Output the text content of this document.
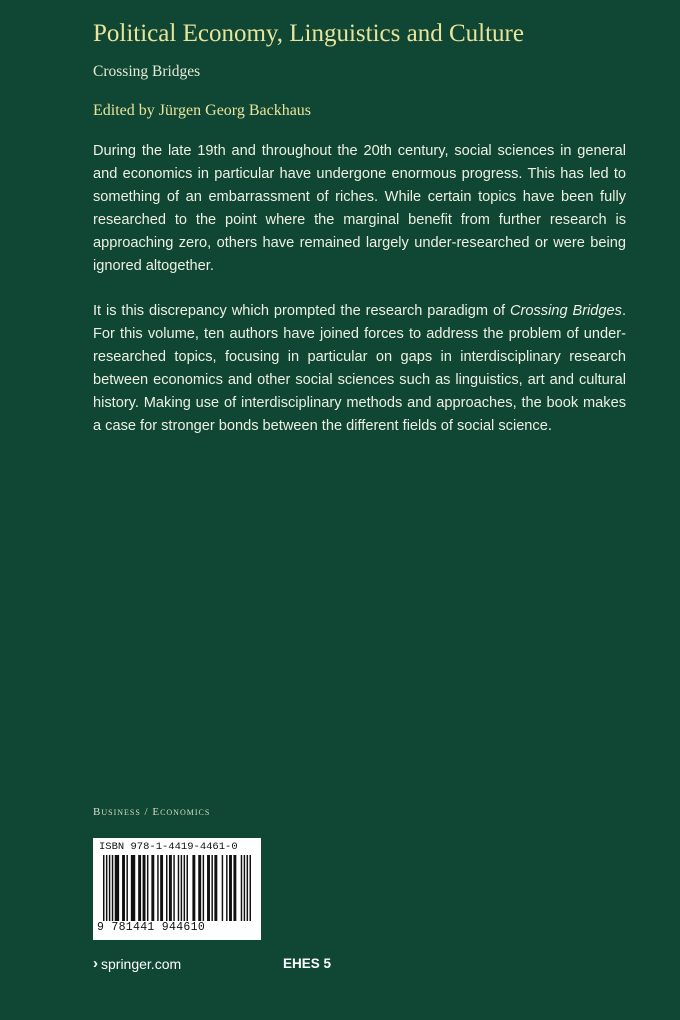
Political Economy, Linguistics and Culture

Crossing Bridges

Edited by Jürgen Georg Backhaus

During the late 19th and throughout the 20th century, social sciences in general and economics in particular have undergone enormous progress. This has led to something of an embarrassment of riches. While certain topics have been fully researched to the point where the marginal benefit from further research is approaching zero, others have remained largely under-researched or were being ignored altogether.

It is this discrepancy which prompted the research paradigm of Crossing Bridges. For this volume, ten authors have joined forces to address the problem of under-researched topics, focusing in particular on gaps in interdisciplinary research between economics and other social sciences such as linguistics, art and cultural history. Making use of interdisciplinary methods and approaches, the book makes a case for stronger bonds between the different fields of social science.

Business / Economics
ISBN 978-1-4419-4461-0
9 781441 944610
› springer.com	EHES 5
